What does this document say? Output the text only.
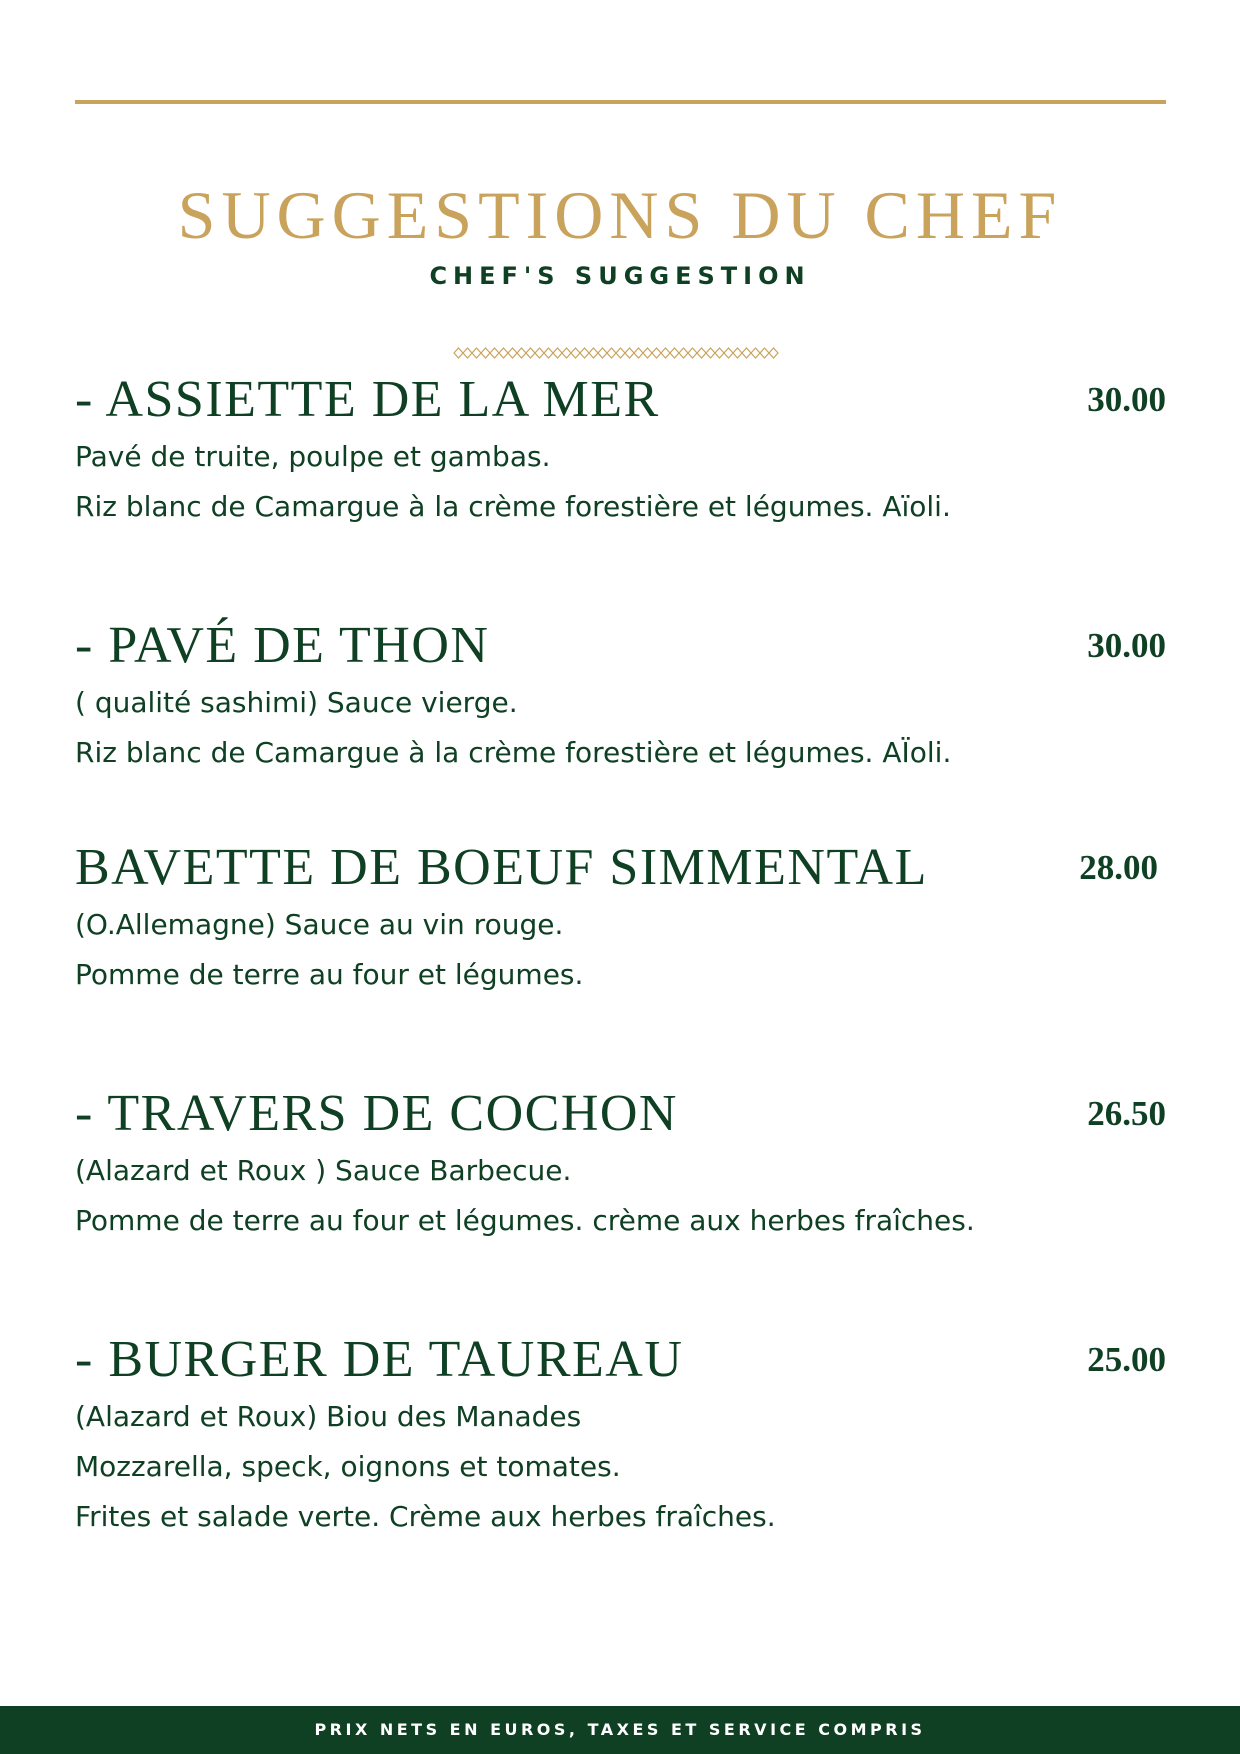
SUGGESTIONS DU CHEF
CHEF'S SUGGESTION
- ASSIETTE DE LA MER	30.00
Pavé de truite, poulpe et gambas.
Riz blanc de Camargue à la crème forestière et légumes. Aïoli.
- PAVÉ DE THON	30.00
( qualité sashimi) Sauce vierge.
Riz blanc de Camargue à la crème forestière et légumes. AÏoli.
BAVETTE DE BOEUF SIMMENTAL	28.00
(O.Allemagne) Sauce au vin rouge.
Pomme de terre au four et légumes.
- TRAVERS DE COCHON	26.50
(Alazard et Roux ) Sauce Barbecue.
Pomme de terre au four et légumes. crème aux herbes fraîches.
- BURGER DE TAUREAU	25.00
(Alazard et Roux) Biou des Manades
Mozzarella, speck, oignons et tomates.
Frites et salade verte. Crème aux herbes fraîches.
PRIX NETS EN EUROS, TAXES ET SERVICE COMPRIS
